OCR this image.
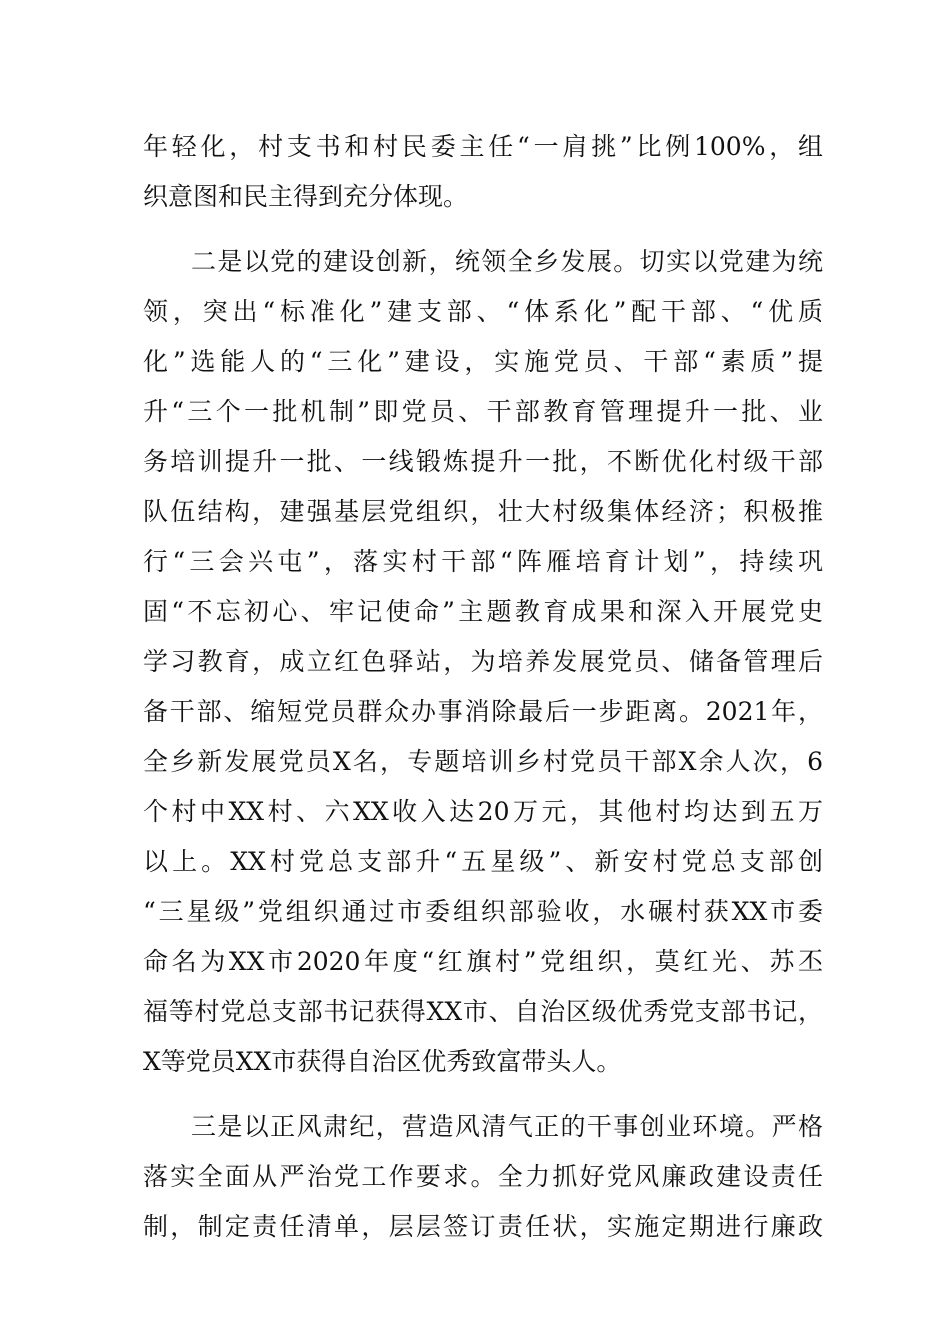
年轻化，村支书和村民委主任“一肩挑”比例100%，组
织意图和民主得到充分体现。
二是以党的建设创新，统领全乡发展。切实以党建为统
领，突出“标准化”建支部、“体系化”配干部、“优质
化”选能人的“三化”建设，实施党员、干部“素质”提
升“三个一批机制”即党员、干部教育管理提升一批、业
务培训提升一批、一线锻炼提升一批，不断优化村级干部
队伍结构，建强基层党组织，壮大村级集体经济；积极推
行“三会兴屯”，落实村干部“阵雁培育计划”，持续巩
固“不忘初心、牢记使命”主题教育成果和深入开展党史
学习教育，成立红色驿站，为培养发展党员、储备管理后
备干部、缩短党员群众办事消除最后一步距离。2021年，
全乡新发展党员X名，专题培训乡村党员干部X余人次，6
个村中XX村、六XX收入达20万元，其他村均达到五万
以上。XX村党总支部升“五星级”、新安村党总支部创
“三星级”党组织通过市委组织部验收，水碾村获XX市委
命名为XX市2020年度“红旗村”党组织，莫红光、苏丕
福等村党总支部书记获得XX市、自治区级优秀党支部书记，
X等党员XX市获得自治区优秀致富带头人。
三是以正风肃纪，营造风清气正的干事创业环境。严格
落实全面从严治党工作要求。全力抓好党风廉政建设责任
制，制定责任清单，层层签订责任状，实施定期进行廉政
